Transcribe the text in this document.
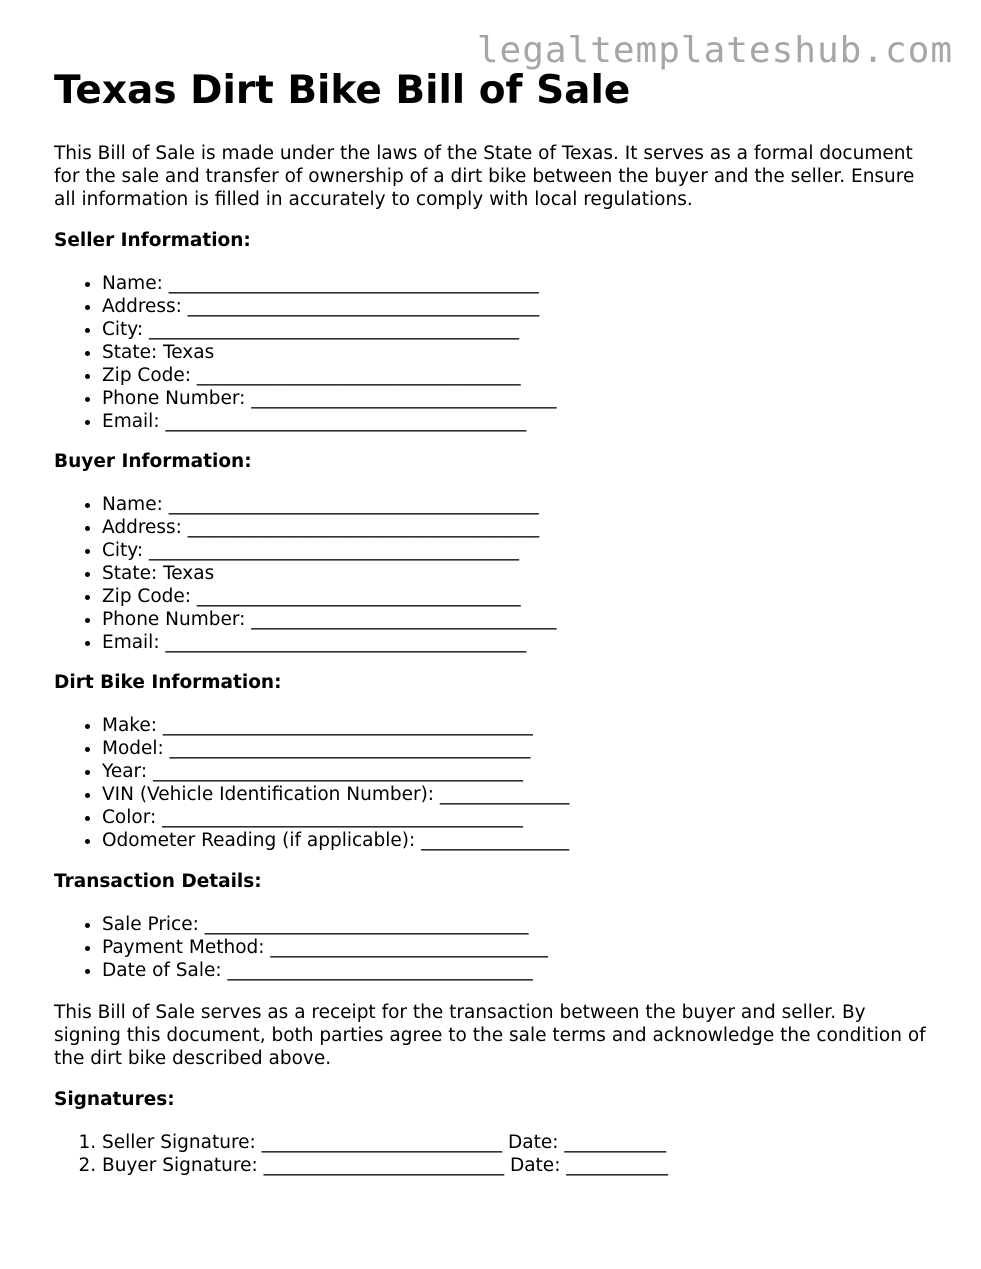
legaltemplateshub.com
Texas Dirt Bike Bill of Sale

This Bill of Sale is made under the laws of the State of Texas. It serves as a formal document for the sale and transfer of ownership of a dirt bike between the buyer and the seller. Ensure all information is filled in accurately to comply with local regulations.

Seller Information:
• Name: ________________________________________
• Address: ______________________________________
• City: ________________________________________
• State: Texas
• Zip Code: ___________________________________
• Phone Number: _________________________________
• Email: _______________________________________
Buyer Information:
• Name: ________________________________________
• Address: ______________________________________
• City: ________________________________________
• State: Texas
• Zip Code: ___________________________________
• Phone Number: _________________________________
• Email: _______________________________________
Dirt Bike Information:
• Make: ________________________________________
• Model: _______________________________________
• Year: ________________________________________
• VIN (Vehicle Identification Number): ______________
• Color: _______________________________________
• Odometer Reading (if applicable): ________________
Transaction Details:
• Sale Price: ___________________________________
• Payment Method: ______________________________
• Date of Sale: _________________________________

This Bill of Sale serves as a receipt for the transaction between the buyer and seller. By signing this document, both parties agree to the sale terms and acknowledge the condition of the dirt bike described above.

Signatures:
1. Seller Signature: __________________________ Date: ___________
2. Buyer Signature: __________________________ Date: ___________
